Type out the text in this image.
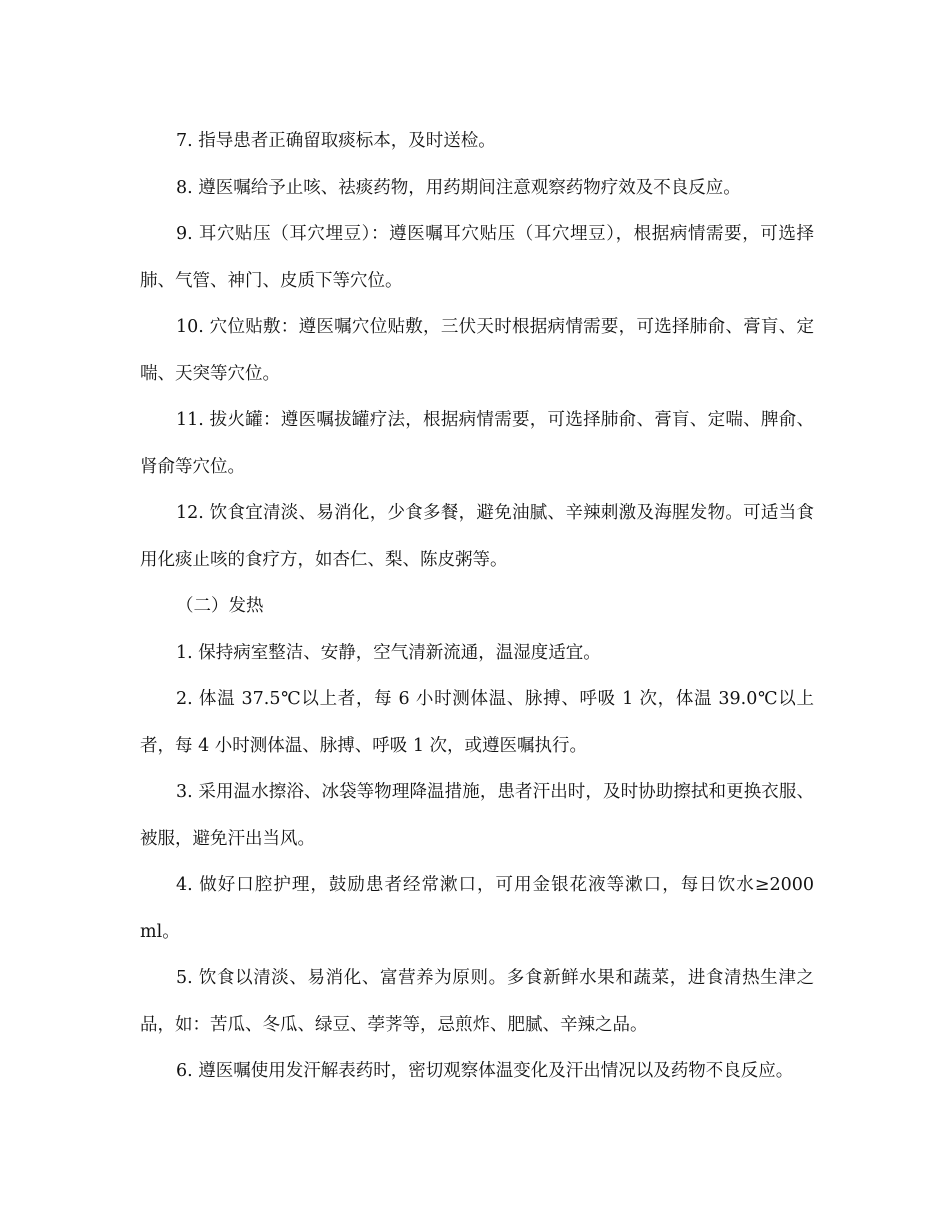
7. 指导患者正确留取痰标本，及时送检。

8. 遵医嘱给予止咳、祛痰药物，用药期间注意观察药物疗效及不良反应。

9. 耳穴贴压（耳穴埋豆）：遵医嘱耳穴贴压（耳穴埋豆），根据病情需要，可选择肺、气管、神门、皮质下等穴位。

10. 穴位贴敷：遵医嘱穴位贴敷，三伏天时根据病情需要，可选择肺俞、膏肓、定喘、天突等穴位。

11. 拔火罐：遵医嘱拔罐疗法，根据病情需要，可选择肺俞、膏肓、定喘、脾俞、肾俞等穴位。

12. 饮食宜清淡、易消化，少食多餐，避免油腻、辛辣刺激及海腥发物。可适当食用化痰止咳的食疗方，如杏仁、梨、陈皮粥等。

（二）发热

1. 保持病室整洁、安静，空气清新流通，温湿度适宜。

2. 体温 37.5℃以上者，每 6 小时测体温、脉搏、呼吸 1 次，体温 39.0℃以上者，每 4 小时测体温、脉搏、呼吸 1 次，或遵医嘱执行。

3. 采用温水擦浴、冰袋等物理降温措施，患者汗出时，及时协助擦拭和更换衣服、被服，避免汗出当风。

4. 做好口腔护理，鼓励患者经常漱口，可用金银花液等漱口，每日饮水≥2000 ml。

5. 饮食以清淡、易消化、富营养为原则。多食新鲜水果和蔬菜，进食清热生津之品，如：苦瓜、冬瓜、绿豆、荸荠等，忌煎炸、肥腻、辛辣之品。

6. 遵医嘱使用发汗解表药时，密切观察体温变化及汗出情况以及药物不良反应。
